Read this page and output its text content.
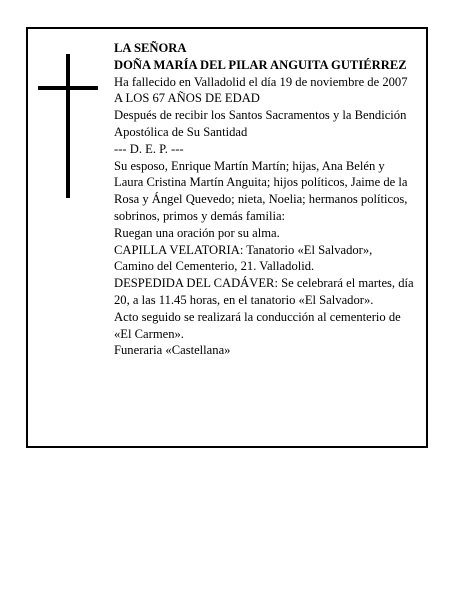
LA SEÑORA

DOÑA MARÍA DEL PILAR ANGUITA GUTIÉRREZ

Ha fallecido en Valladolid el día 19 de noviembre de 2007

A LOS 67 AÑOS DE EDAD

Después de recibir los Santos Sacramentos y la Bendición Apostólica de Su Santidad

--- D. E. P. ---

Su esposo, Enrique Martín Martín; hijas, Ana Belén y Laura Cristina Martín Anguita; hijos políticos, Jaime de la Rosa y Ángel Quevedo; nieta, Noelia; hermanos políticos, sobrinos, primos y demás familia:

Ruegan una oración por su alma.

CAPILLA VELATORIA: Tanatorio «El Salvador», Camino del Cementerio, 21. Valladolid.

DESPEDIDA DEL CADÁVER: Se celebrará el martes, día 20, a las 11.45 horas, en el tanatorio «El Salvador».

Acto seguido se realizará la conducción al cementerio de «El Carmen».

Funeraria «Castellana»
